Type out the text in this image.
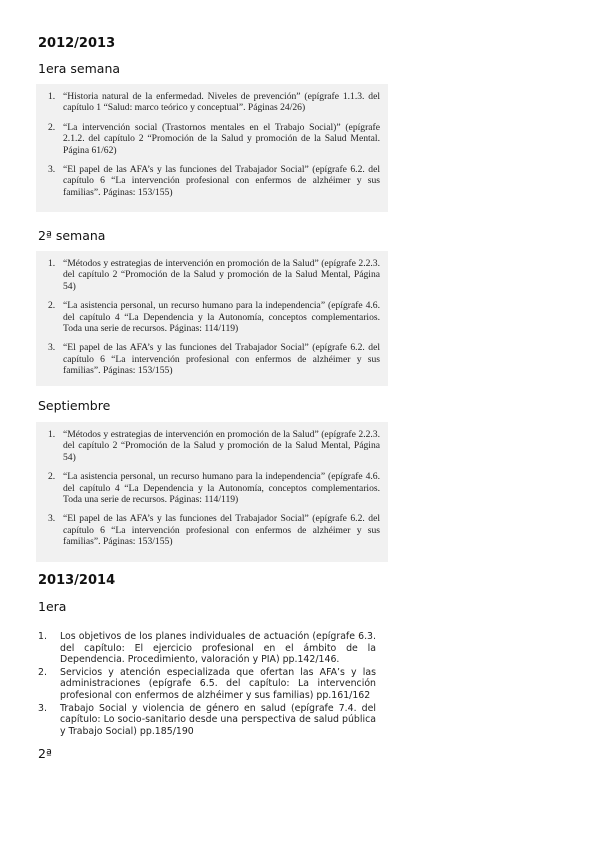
2012/2013
1era semana
1. “Historia natural de la enfermedad. Niveles de prevención” (epígrafe 1.1.3. del capítulo 1 “Salud: marco teórico y conceptual”. Páginas 24/26)
2. “La intervención social (Trastornos mentales en el Trabajo Social)” (epígrafe 2.1.2. del capítulo 2 “Promoción de la Salud y promoción de la Salud Mental. Página 61/62)
3. “El papel de las AFA’s y las funciones del Trabajador Social” (epígrafe 6.2. del capítulo 6 “La intervención profesional con enfermos de alzhéimer y sus familias”. Páginas: 153/155)
2ª semana
1. “Métodos y estrategias de intervención en promoción de la Salud” (epígrafe 2.2.3. del capítulo 2 “Promoción de la Salud y promoción de la Salud Mental, Página 54)
2. “La asistencia personal, un recurso humano para la independencia” (epígrafe 4.6. del capítulo 4 “La Dependencia y la Autonomía, conceptos complementarios. Toda una serie de recursos. Páginas: 114/119)
3. “El papel de las AFA’s y las funciones del Trabajador Social” (epígrafe 6.2. del capítulo 6 “La intervención profesional con enfermos de alzhéimer y sus familias”. Páginas: 153/155)
Septiembre
1. “Métodos y estrategias de intervención en promoción de la Salud” (epígrafe 2.2.3. del capítulo 2 “Promoción de la Salud y promoción de la Salud Mental, Página 54)
2. “La asistencia personal, un recurso humano para la independencia” (epígrafe 4.6. del capítulo 4 “La Dependencia y la Autonomía, conceptos complementarios. Toda una serie de recursos. Páginas: 114/119)
3. “El papel de las AFA’s y las funciones del Trabajador Social” (epígrafe 6.2. del capítulo 6 “La intervención profesional con enfermos de alzhéimer y sus familias”. Páginas: 153/155)
2013/2014
1era
1. Los objetivos de los planes individuales de actuación (epígrafe 6.3. del capítulo: El ejercicio profesional en el ámbito de la Dependencia. Procedimiento, valoración y PIA) pp.142/146.
2. Servicios y atención especializada que ofertan las AFA’s y las administraciones (epígrafe 6.5. del capítulo: La intervención profesional con enfermos de alzhéimer y sus familias) pp.161/162
3. Trabajo Social y violencia de género en salud (epígrafe 7.4. del capítulo: Lo socio-sanitario desde una perspectiva de salud pública y Trabajo Social) pp.185/190
2ª
